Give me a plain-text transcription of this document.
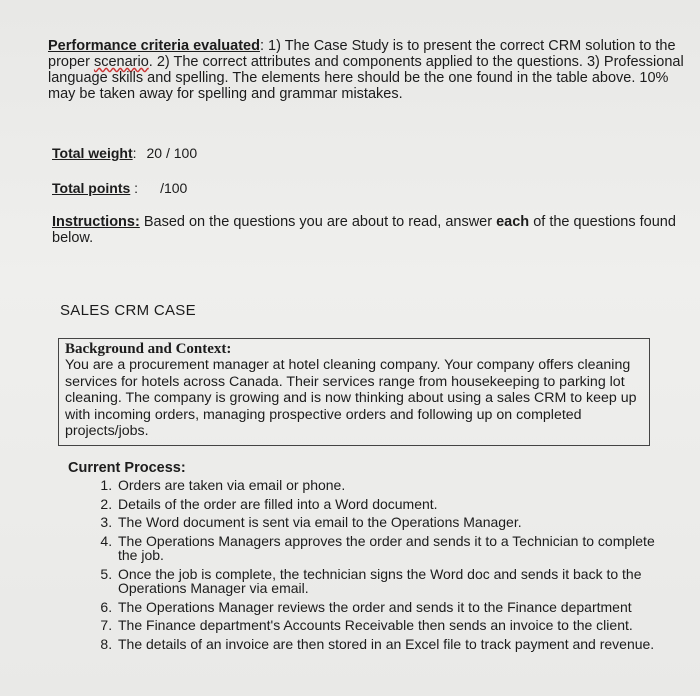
Performance criteria evaluated: 1) The Case Study is to present the correct CRM solution to the proper scenario. 2) The correct attributes and components applied to the questions. 3) Professional language skills and spelling. The elements here should be the one found in the table above. 10% may be taken away for spelling and grammar mistakes.

Total weight: 20 / 100
Total points : /100

Instructions: Based on the questions you are about to read, answer each of the questions found below.

SALES CRM CASE
Background and Context:
You are a procurement manager at hotel cleaning company. Your company offers cleaning services for hotels across Canada. Their services range from housekeeping to parking lot cleaning. The company is growing and is now thinking about using a sales CRM to keep up with incoming orders, managing prospective orders and following up on completed projects/jobs.
Current Process:
1. Orders are taken via email or phone.
2. Details of the order are filled into a Word document.
3. The Word document is sent via email to the Operations Manager.
4. The Operations Managers approves the order and sends it to a Technician to complete the job.
5. Once the job is complete, the technician signs the Word doc and sends it back to the Operations Manager via email.
6. The Operations Manager reviews the order and sends it to the Finance department
7. The Finance department's Accounts Receivable then sends an invoice to the client.
8. The details of an invoice are then stored in an Excel file to track payment and revenue.
